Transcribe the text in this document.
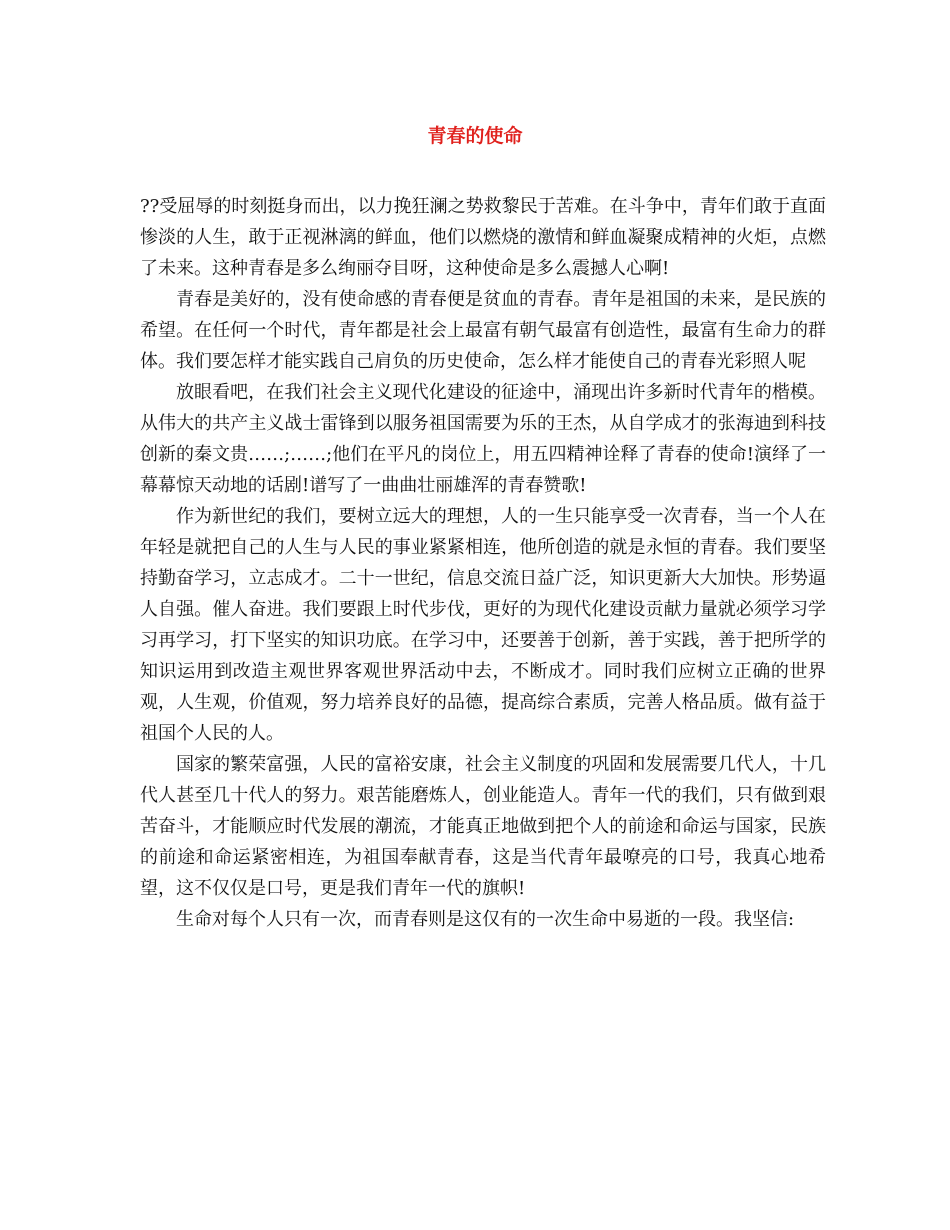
青春的使命

??受屈辱的时刻挺身而出，以力挽狂澜之势救黎民于苦难。在斗争中，青年们敢于直面惨淡的人生，敢于正视淋漓的鲜血，他们以燃烧的激情和鲜血凝聚成精神的火炬，点燃了未来。这种青春是多么绚丽夺目呀，这种使命是多么震撼人心啊!

青春是美好的，没有使命感的青春便是贫血的青春。青年是祖国的未来，是民族的希望。在任何一个时代，青年都是社会上最富有朝气最富有创造性，最富有生命力的群体。我们要怎样才能实践自己肩负的历史使命，怎么样才能使自己的青春光彩照人呢

放眼看吧，在我们社会主义现代化建设的征途中，涌现出许多新时代青年的楷模。从伟大的共产主义战士雷锋到以服务祖国需要为乐的王杰，从自学成才的张海迪到科技创新的秦文贵……;……;他们在平凡的岗位上，用五四精神诠释了青春的使命!演绎了一幕幕惊天动地的话剧!谱写了一曲曲壮丽雄浑的青春赞歌!

作为新世纪的我们，要树立远大的理想，人的一生只能享受一次青春，当一个人在年轻是就把自己的人生与人民的事业紧紧相连，他所创造的就是永恒的青春。我们要坚持勤奋学习，立志成才。二十一世纪，信息交流日益广泛，知识更新大大加快。形势逼人自强。催人奋进。我们要跟上时代步伐，更好的为现代化建设贡献力量就必须学习学习再学习，打下坚实的知识功底。在学习中，还要善于创新，善于实践，善于把所学的知识运用到改造主观世界客观世界活动中去，不断成才。同时我们应树立正确的世界观，人生观，价值观，努力培养良好的品德，提高综合素质，完善人格品质。做有益于祖国个人民的人。

国家的繁荣富强，人民的富裕安康，社会主义制度的巩固和发展需要几代人，十几代人甚至几十代人的努力。艰苦能磨炼人，创业能造人。青年一代的我们，只有做到艰苦奋斗，才能顺应时代发展的潮流，才能真正地做到把个人的前途和命运与国家，民族的前途和命运紧密相连，为祖国奉献青春，这是当代青年最嘹亮的口号，我真心地希望，这不仅仅是口号，更是我们青年一代的旗帜!

生命对每个人只有一次，而青春则是这仅有的一次生命中易逝的一段。我坚信:
